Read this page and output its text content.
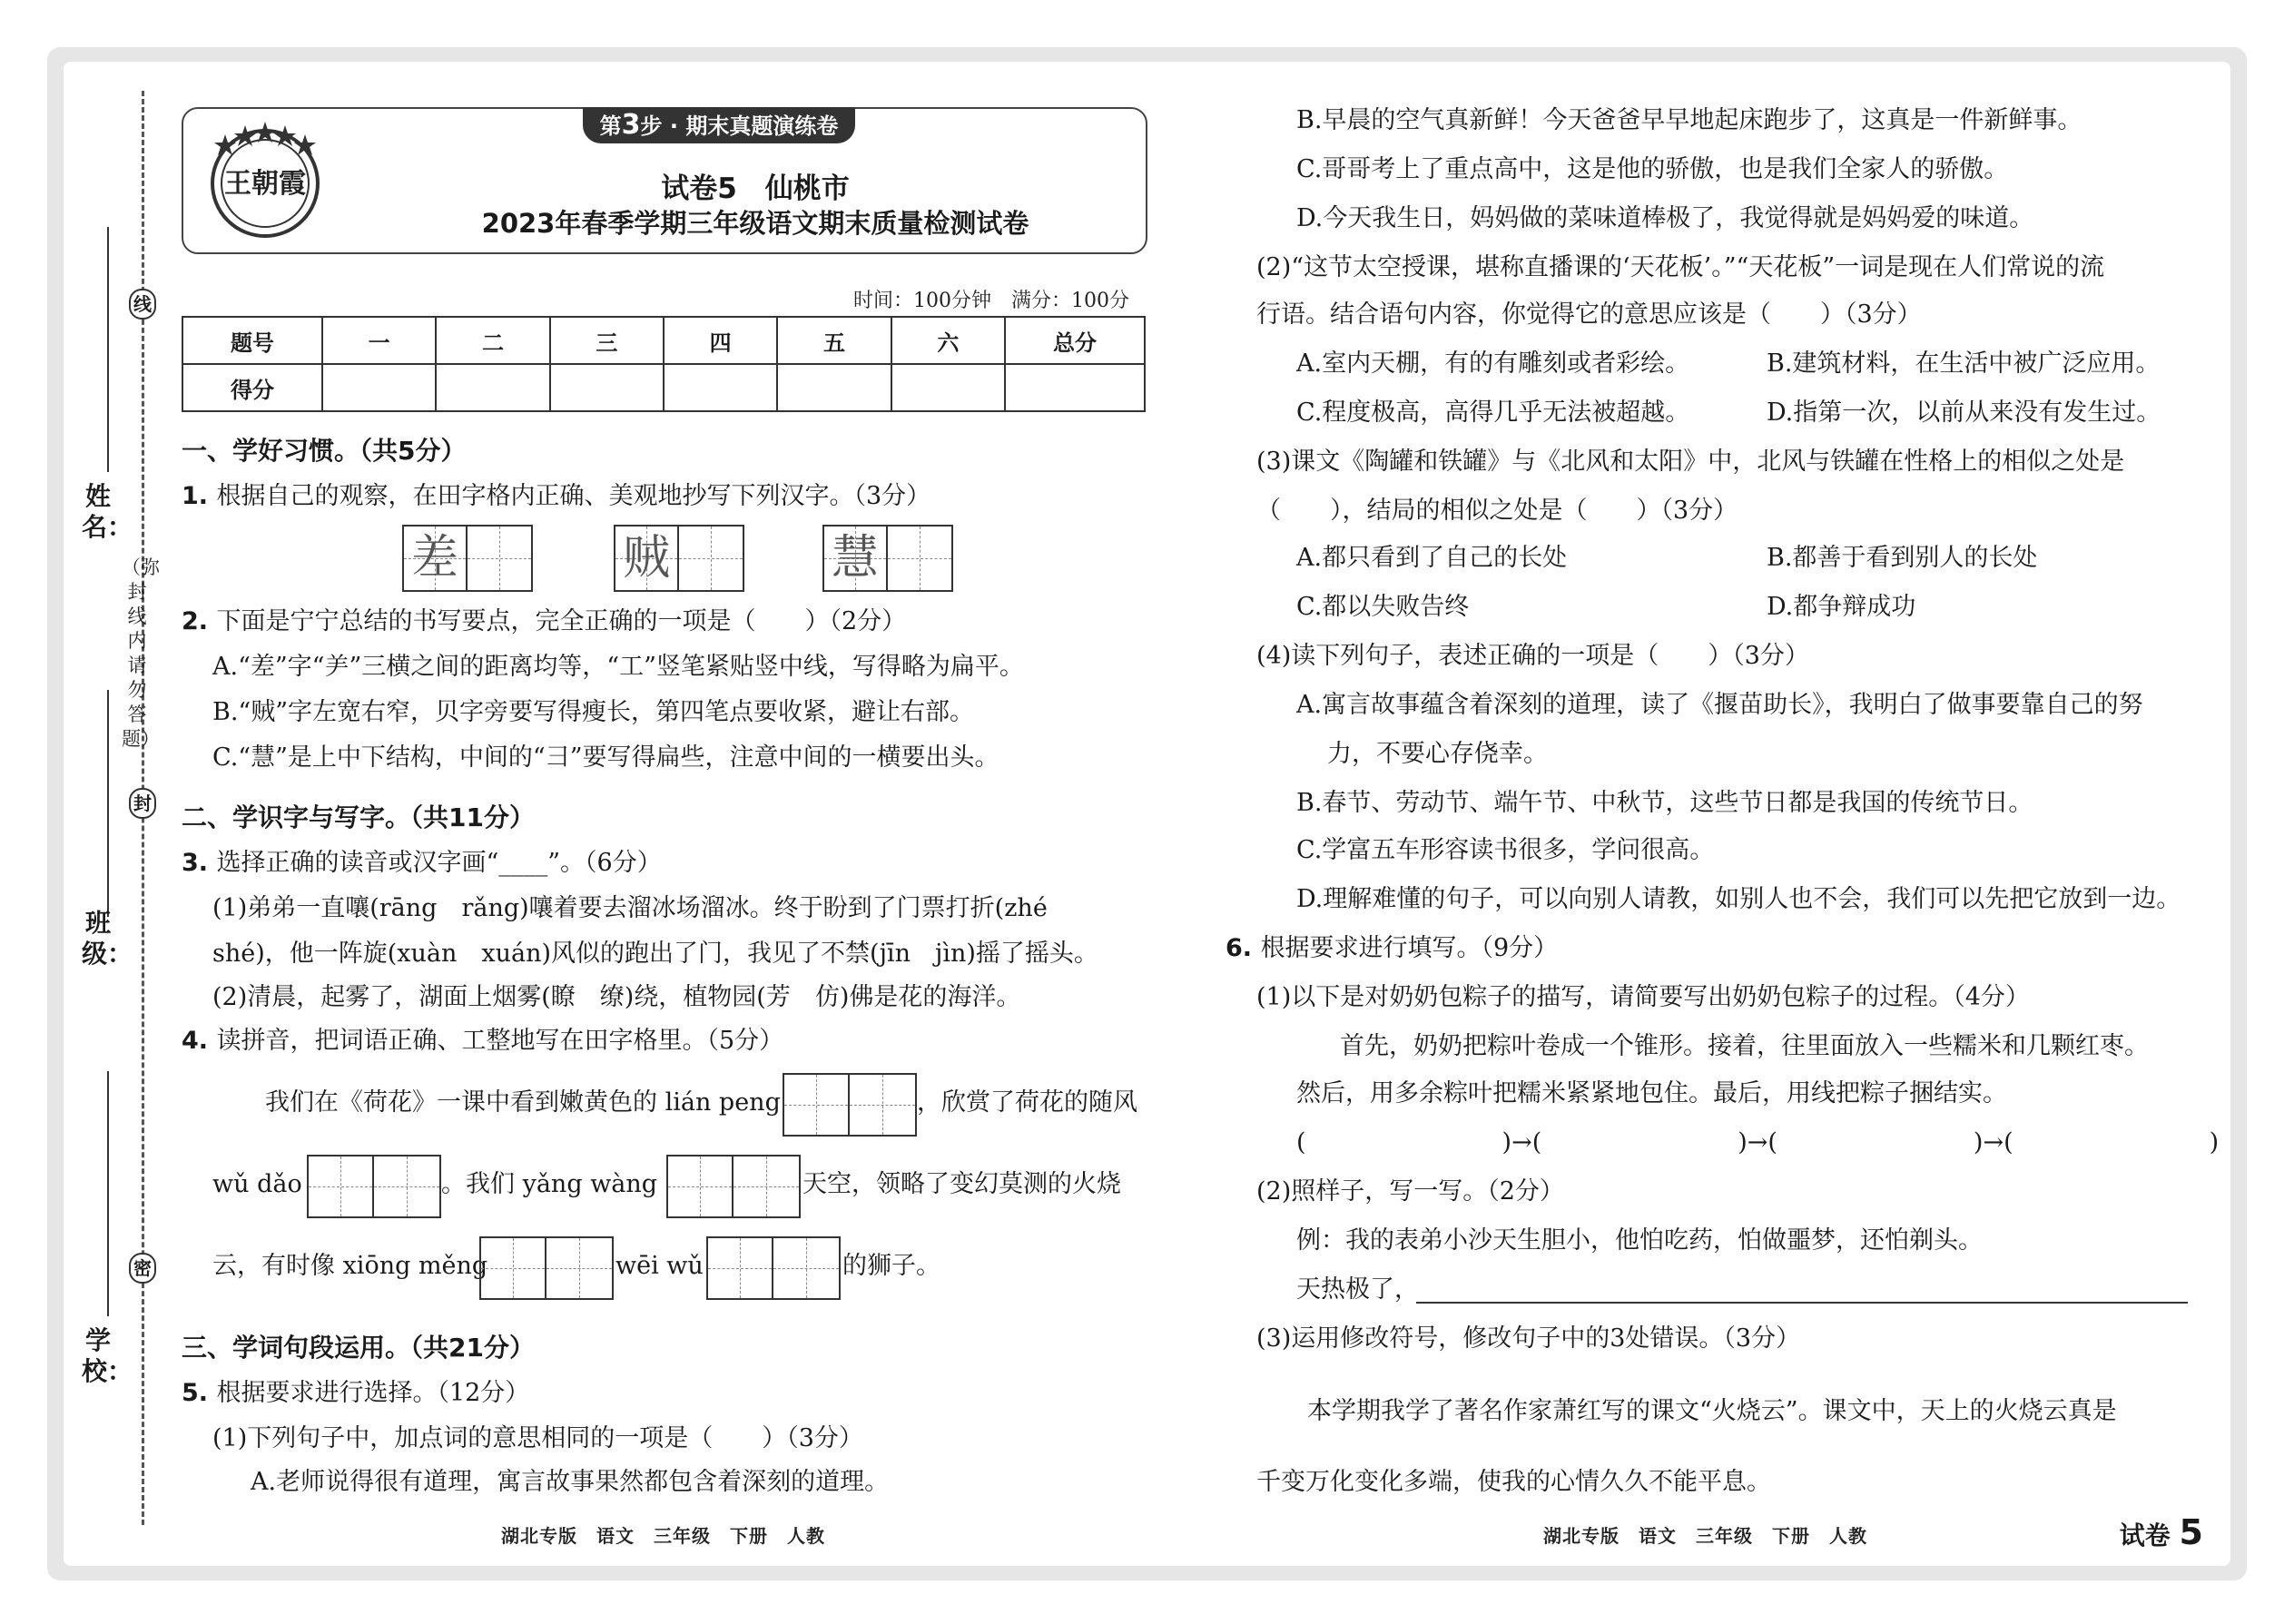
线
封
密
（弥封线内请勿答题）
姓名：
班级：
学校：
王朝霞
第3步 · 期末真题演练卷
试卷5　仙桃市
2023年春季学期三年级语文期末质量检测试卷
时间：100分钟　满分：100分
题号	一	二	三	四	五	六	总分
得分							
一、学好习惯。（共5分）
1. 根据自己的观察，在田字格内正确、美观地抄写下列汉字。（3分）
差	贼	慧
2. 下面是宁宁总结的书写要点，完全正确的一项是（　　）（2分）
A.“差”字“⺶”三横之间的距离均等，“工”竖笔紧贴竖中线，写得略为扁平。
B.“贼”字左宽右窄，贝字旁要写得瘦长，第四笔点要收紧，避让右部。
C.“慧”是上中下结构，中间的“彐”要写得扁些，注意中间的一横要出头。
二、学识字与写字。（共11分）
3. 选择正确的读音或汉字画“____”。（6分）
(1)弟弟一直嚷(rāng　rǎng)嚷着要去溜冰场溜冰。终于盼到了门票打折(zhé
shé)，他一阵旋(xuàn　xuán)风似的跑出了门，我见了不禁(jīn　jìn)摇了摇头。
(2)清晨，起雾了，湖面上烟雾(瞭　缭)绕，植物园(芳　仿)佛是花的海洋。
4. 读拼音，把词语正确、工整地写在田字格里。（5分）
我们在《荷花》一课中看到嫩黄色的 lián peng	，欣赏了荷花的随风
wǔ dǎo	。我们 yǎng wàng	天空，领略了变幻莫测的火烧
云，有时像 xiōng měng	wēi wǔ	的狮子。
三、学词句段运用。（共21分）
5. 根据要求进行选择。（12分）
(1)下列句子中，加点词的意思相同的一项是（　　）（3分）
A.老师说得很有道理，寓言故事果然都包含着深刻的道理。
湖北专版　语文　三年级　下册　人教
B.早晨的空气真新鲜！今天爸爸早早地起床跑步了，这真是一件新鲜事。
C.哥哥考上了重点高中，这是他的骄傲，也是我们全家人的骄傲。
D.今天我生日，妈妈做的菜味道棒极了，我觉得就是妈妈爱的味道。
(2)“这节太空授课，堪称直播课的‘天花板’。”“天花板”一词是现在人们常说的流
行语。结合语句内容，你觉得它的意思应该是（　　）（3分）
A.室内天棚，有的有雕刻或者彩绘。	B.建筑材料，在生活中被广泛应用。
C.程度极高，高得几乎无法被超越。	D.指第一次，以前从来没有发生过。
(3)课文《陶罐和铁罐》与《北风和太阳》中，北风与铁罐在性格上的相似之处是
（　　），结局的相似之处是（　　）（3分）
A.都只看到了自己的长处	B.都善于看到别人的长处
C.都以失败告终	D.都争辩成功
(4)读下列句子，表述正确的一项是（　　）（3分）
A.寓言故事蕴含着深刻的道理，读了《揠苗助长》，我明白了做事要靠自己的努
力，不要心存侥幸。
B.春节、劳动节、端午节、中秋节，这些节日都是我国的传统节日。
C.学富五车形容读书很多，学问很高。
D.理解难懂的句子，可以向别人请教，如别人也不会，我们可以先把它放到一边。
6. 根据要求进行填写。（9分）
(1)以下是对奶奶包粽子的描写，请简要写出奶奶包粽子的过程。（4分）
首先，奶奶把粽叶卷成一个锥形。接着，往里面放入一些糯米和几颗红枣。
然后，用多余粽叶把糯米紧紧地包住。最后，用线把粽子捆结实。
(　　　　　　　　)→(　　　　　　　　)→(　　　　　　　　)→(　　　　　　　　)
(2)照样子，写一写。（2分）
例：我的表弟小沙天生胆小，他怕吃药，怕做噩梦，还怕剃头。
天热极了，
(3)运用修改符号，修改句子中的3处错误。（3分）
本学期我学了著名作家萧红写的课文“火烧云”。课文中，天上的火烧云真是
千变万化变化多端，使我的心情久久不能平息。
湖北专版　语文　三年级　下册　人教	试卷 5
